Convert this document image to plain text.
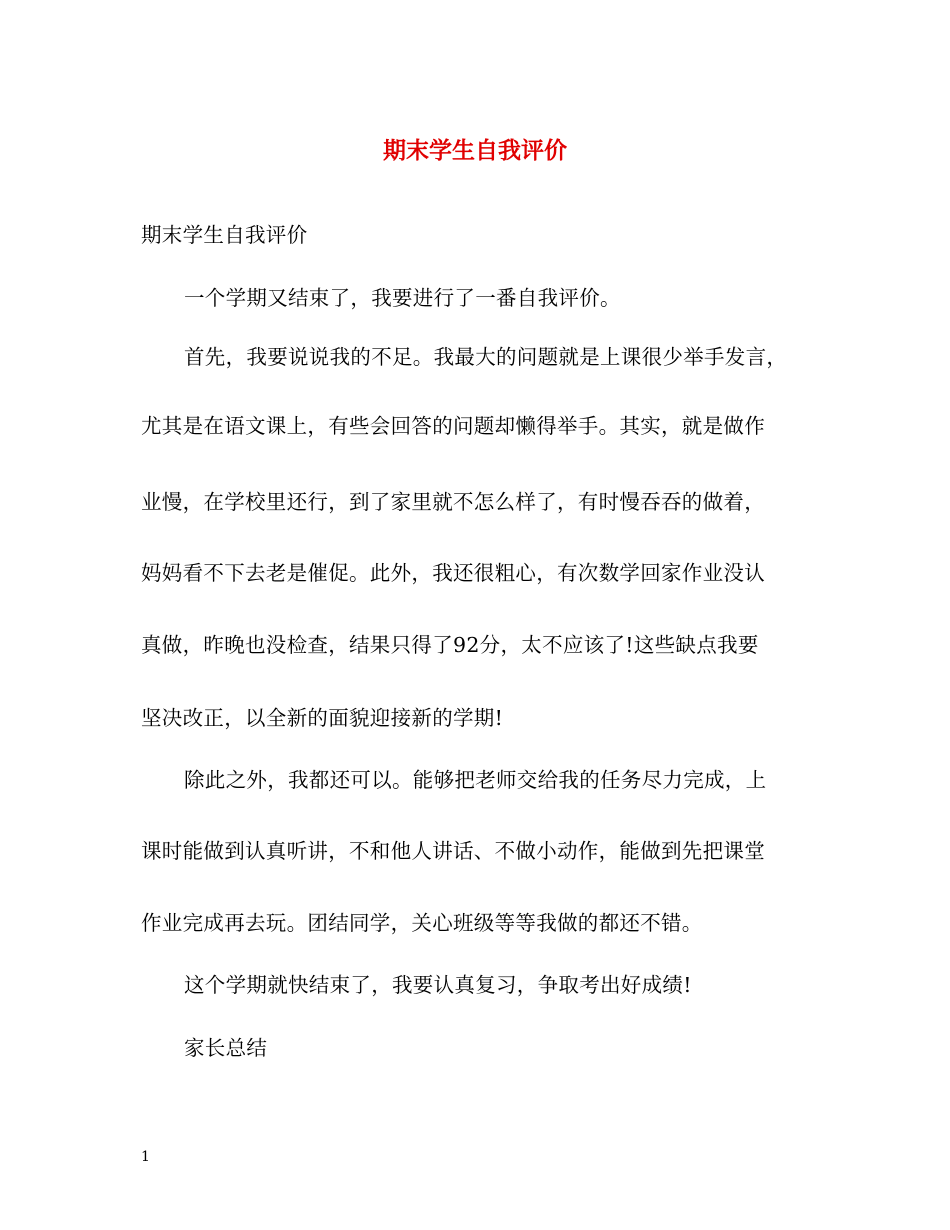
期末学生自我评价
期末学生自我评价
一个学期又结束了，我要进行了一番自我评价。
首先，我要说说我的不足。我最大的问题就是上课很少举手发言，
尤其是在语文课上，有些会回答的问题却懒得举手。其实，就是做作
业慢，在学校里还行，到了家里就不怎么样了，有时慢吞吞的做着，
妈妈看不下去老是催促。此外，我还很粗心，有次数学回家作业没认
真做，昨晚也没检查，结果只得了92分，太不应该了!这些缺点我要
坚决改正，以全新的面貌迎接新的学期!
除此之外，我都还可以。能够把老师交给我的任务尽力完成，上
课时能做到认真听讲，不和他人讲话、不做小动作，能做到先把课堂
作业完成再去玩。团结同学，关心班级等等我做的都还不错。
这个学期就快结束了，我要认真复习，争取考出好成绩!
家长总结
1
